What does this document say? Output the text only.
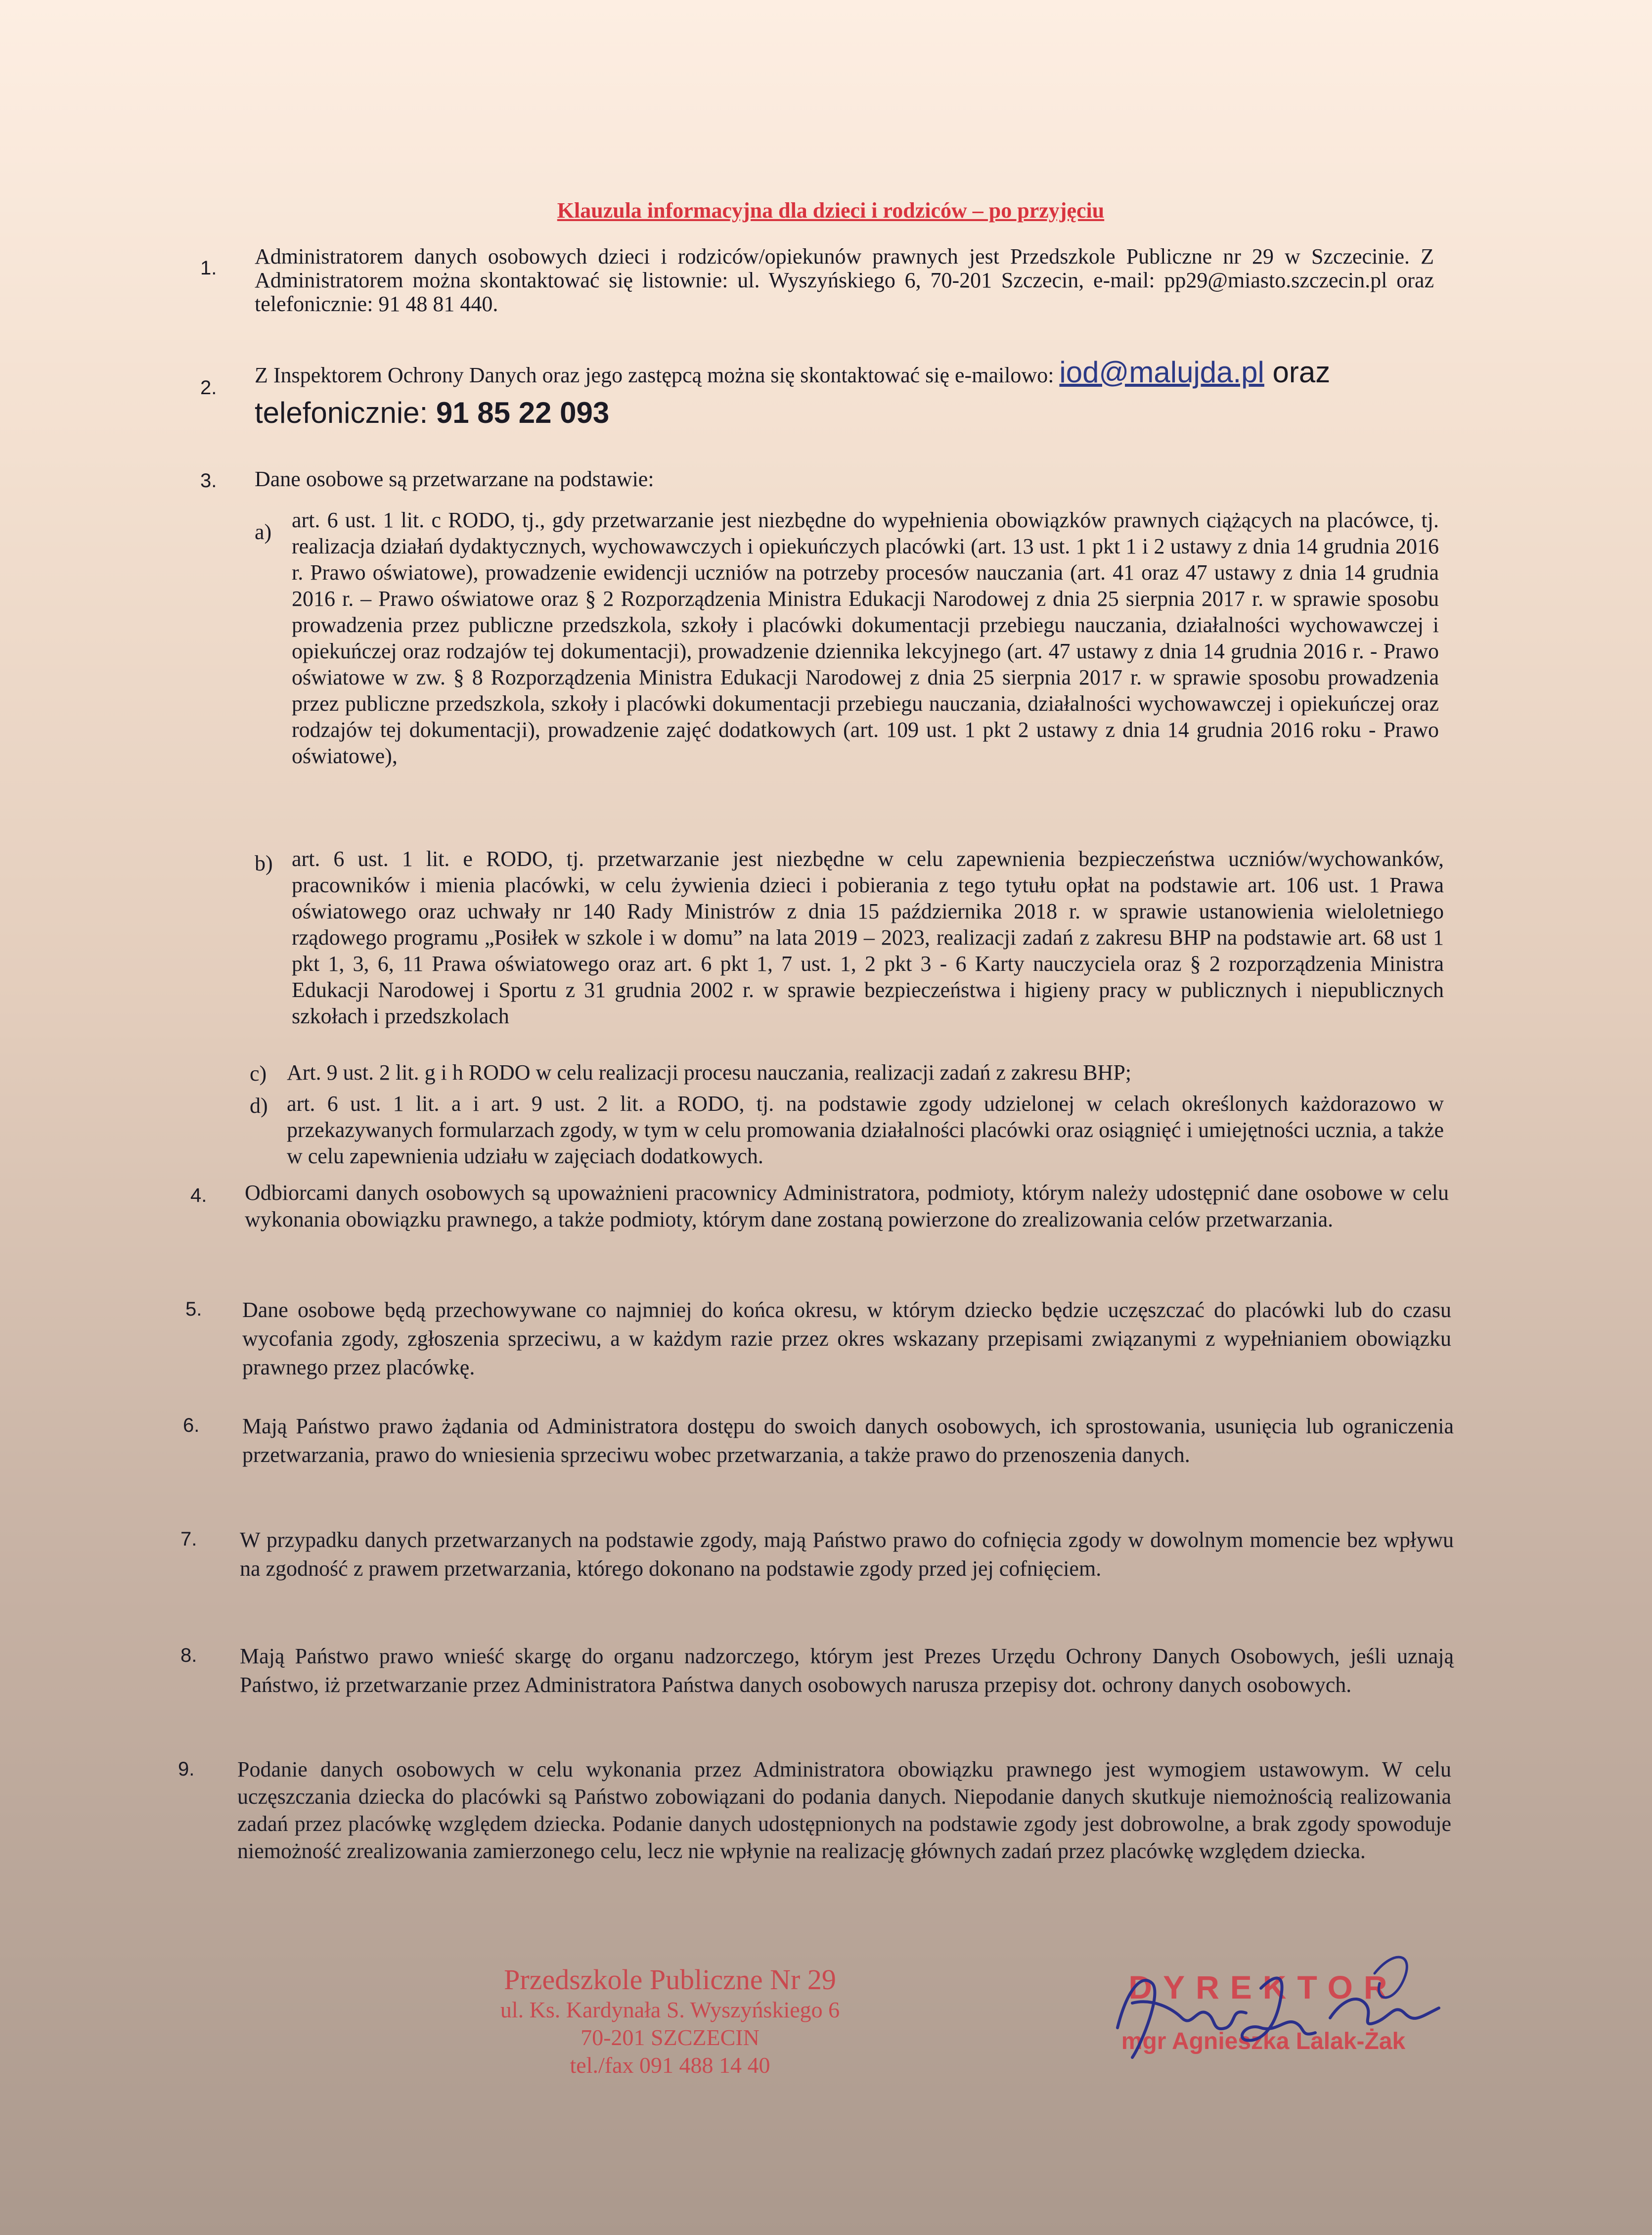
Klauzula informacyjna dla dzieci i rodziców – po przyjęciu
1. Administratorem danych osobowych dzieci i rodziców/opiekunów prawnych jest Przedszkole Publiczne nr 29 w Szczecinie. Z Administratorem można skontaktować się listownie: ul. Wyszyńskiego 6, 70-201 Szczecin, e-mail: pp29@miasto.szczecin.pl oraz telefonicznie: 91 48 81 440.
2.
Z Inspektorem Ochrony Danych oraz jego zastępcą można się skontaktować się e-mailowo: iod@malujda.pl oraz
telefonicznie: 91 85 22 093
3. Dane osobowe są przetwarzane na podstawie:
a) art. 6 ust. 1 lit. c RODO, tj., gdy przetwarzanie jest niezbędne do wypełnienia obowiązków prawnych ciążących na placówce, tj. realizacja działań dydaktycznych, wychowawczych i opiekuńczych placówki (art. 13 ust. 1 pkt 1 i 2 ustawy z dnia 14 grudnia 2016 r. Prawo oświatowe), prowadzenie ewidencji uczniów na potrzeby procesów nauczania (art. 41 oraz 47 ustawy z dnia 14 grudnia 2016 r. – Prawo oświatowe oraz § 2 Rozporządzenia Ministra Edukacji Narodowej z dnia 25 sierpnia 2017 r. w sprawie sposobu prowadzenia przez publiczne przedszkola, szkoły i placówki dokumentacji przebiegu nauczania, działalności wychowawczej i opiekuńczej oraz rodzajów tej dokumentacji), prowadzenie dziennika lekcyjnego (art. 47 ustawy z dnia 14 grudnia 2016 r. - Prawo oświatowe w zw. § 8 Rozporządzenia Ministra Edukacji Narodowej z dnia 25 sierpnia 2017 r. w sprawie sposobu prowadzenia przez publiczne przedszkola, szkoły i placówki dokumentacji przebiegu nauczania, działalności wychowawczej i opiekuńczej oraz rodzajów tej dokumentacji), prowadzenie zajęć dodatkowych (art. 109 ust. 1 pkt 2 ustawy z dnia 14 grudnia 2016 roku - Prawo oświatowe),
b) art. 6 ust. 1 lit. e RODO, tj. przetwarzanie jest niezbędne w celu zapewnienia bezpieczeństwa uczniów/wychowanków, pracowników i mienia placówki, w celu żywienia dzieci i pobierania z tego tytułu opłat na podstawie art. 106 ust. 1 Prawa oświatowego oraz uchwały nr 140 Rady Ministrów z dnia 15 października 2018 r. w sprawie ustanowienia wieloletniego rządowego programu „Posiłek w szkole i w domu” na lata 2019 – 2023, realizacji zadań z zakresu BHP na podstawie art. 68 ust 1 pkt 1, 3, 6, 11 Prawa oświatowego oraz art. 6 pkt 1, 7 ust. 1, 2 pkt 3 - 6 Karty nauczyciela oraz § 2 rozporządzenia Ministra Edukacji Narodowej i Sportu z 31 grudnia 2002 r. w sprawie bezpieczeństwa i higieny pracy w publicznych i niepublicznych szkołach i przedszkolach
c) Art. 9 ust. 2 lit. g i h RODO w celu realizacji procesu nauczania, realizacji zadań z zakresu BHP;
d) art. 6 ust. 1 lit. a i art. 9 ust. 2 lit. a RODO, tj. na podstawie zgody udzielonej w celach określonych każdorazowo w przekazywanych formularzach zgody, w tym w celu promowania działalności placówki oraz osiągnięć i umiejętności ucznia, a także w celu zapewnienia udziału w zajęciach dodatkowych.
4. Odbiorcami danych osobowych są upoważnieni pracownicy Administratora, podmioty, którym należy udostępnić dane osobowe w celu wykonania obowiązku prawnego, a także podmioty, którym dane zostaną powierzone do zrealizowania celów przetwarzania.
5. Dane osobowe będą przechowywane co najmniej do końca okresu, w którym dziecko będzie uczęszczać do placówki lub do czasu wycofania zgody, zgłoszenia sprzeciwu, a w każdym razie przez okres wskazany przepisami związanymi z wypełnianiem obowiązku prawnego przez placówkę.
6. Mają Państwo prawo żądania od Administratora dostępu do swoich danych osobowych, ich sprostowania, usunięcia lub ograniczenia przetwarzania, prawo do wniesienia sprzeciwu wobec przetwarzania, a także prawo do przenoszenia danych.
7. W przypadku danych przetwarzanych na podstawie zgody, mają Państwo prawo do cofnięcia zgody w dowolnym momencie bez wpływu na zgodność z prawem przetwarzania, którego dokonano na podstawie zgody przed jej cofnięciem.
8. Mają Państwo prawo wnieść skargę do organu nadzorczego, którym jest Prezes Urzędu Ochrony Danych Osobowych, jeśli uznają Państwo, iż przetwarzanie przez Administratora Państwa danych osobowych narusza przepisy dot. ochrony danych osobowych.
9. Podanie danych osobowych w celu wykonania przez Administratora obowiązku prawnego jest wymogiem ustawowym. W celu uczęszczania dziecka do placówki są Państwo zobowiązani do podania danych. Niepodanie danych skutkuje niemożnością realizowania zadań przez placówkę względem dziecka. Podanie danych udostępnionych na podstawie zgody jest dobrowolne, a brak zgody spowoduje niemożność zrealizowania zamierzonego celu, lecz nie wpłynie na realizację głównych zadań przez placówkę względem dziecka.
Przedszkole Publiczne Nr 29
ul. Ks. Kardynała S. Wyszyńskiego 6
70-201 SZCZECIN
tel./fax 091 488 14 40
DYREKTOR
mgr Agnieszka Lalak-Żak
